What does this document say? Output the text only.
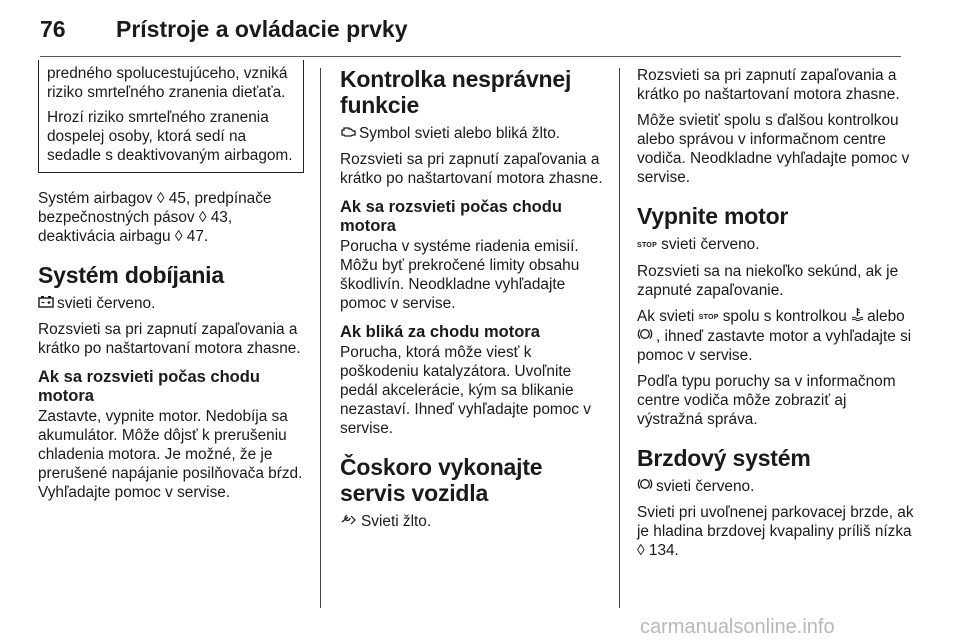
76 Prístroje a ovládacie prvky

predného spolucestujúceho, vzniká riziko smrteľného zranenia dieťaťa.

Hrozí riziko smrteľného zranenia dospelej osoby, ktorá sedí na sedadle s deaktivovaným airbagom.

Systém airbagov ◊ 45, predpínače bezpečnostných pásov ◊ 43, deaktivácia airbagu ◊ 47.

Systém dobíjania

svieti červeno.

Rozsvieti sa pri zapnutí zapaľovania a krátko po naštartovaní motora zhasne.

Ak sa rozsvieti počas chodu motora

Zastavte, vypnite motor. Nedobíja sa akumulátor. Môže dôjsť k prerušeniu chladenia motora. Je možné, že je prerušené napájanie posilňovača bŕzd. Vyhľadajte pomoc v servise.

Kontrolka nesprávnej funkcie

Symbol svieti alebo bliká žlto.

Rozsvieti sa pri zapnutí zapaľovania a krátko po naštartovaní motora zhasne.

Ak sa rozsvieti počas chodu motora

Porucha v systéme riadenia emisií. Môžu byť prekročené limity obsahu škodlivín. Neodkladne vyhľadajte pomoc v servise.

Ak bliká za chodu motora

Porucha, ktorá môže viesť k poškodeniu katalyzátora. Uvoľnite pedál akcelerácie, kým sa blikanie nezastaví. Ihneď vyhľadajte pomoc v servise.

Čoskoro vykonajte servis vozidla

Svieti žlto.

Rozsvieti sa pri zapnutí zapaľovania a krátko po naštartovaní motora zhasne.

Môže svietiť spolu s ďalšou kontrolkou alebo správou v informačnom centre vodiča. Neodkladne vyhľadajte pomoc v servise.

Vypnite motor

STOP svieti červeno.

Rozsvieti sa na niekoľko sekúnd, ak je zapnuté zapaľovanie.

Ak svieti STOP spolu s kontrolkou alebo , ihneď zastavte motor a vyhľadajte si pomoc v servise.

Podľa typu poruchy sa v informačnom centre vodiča môže zobraziť aj výstražná správa.

Brzdový systém

svieti červeno.

Svieti pri uvoľnenej parkovacej brzde, ak je hladina brzdovej kvapaliny príliš nízka ◊ 134.

carmanualsonline.info
